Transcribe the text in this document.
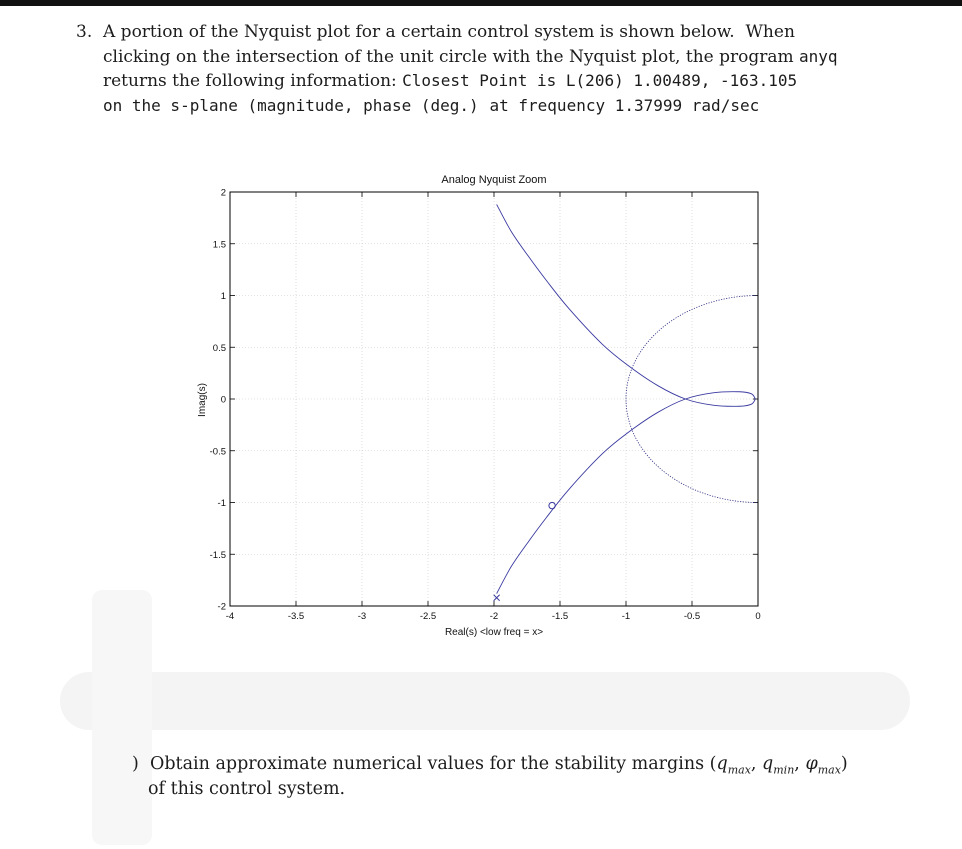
3. A portion of the Nyquist plot for a certain control system is shown below.  When
clicking on the intersection of the unit circle with the Nyquist plot, the program anyq
returns the following information: Closest Point is L(206) 1.00489, -163.105
on the s-plane (magnitude, phase (deg.) at frequency 1.37999 rad/sec
Analog Nyquist Zoom
-4	-3.5	-3	-2.5	-2	-1.5	-1	-0.5	0
2
1.5
1
0.5
0
-0.5
-1
-1.5
-2
Real(s) <low freq = x>
Imag(s)
) Obtain approximate numerical values for the stability margins ($q_{max}$, $q_{min}$, $\varphi_{max}$)
of this control system.
